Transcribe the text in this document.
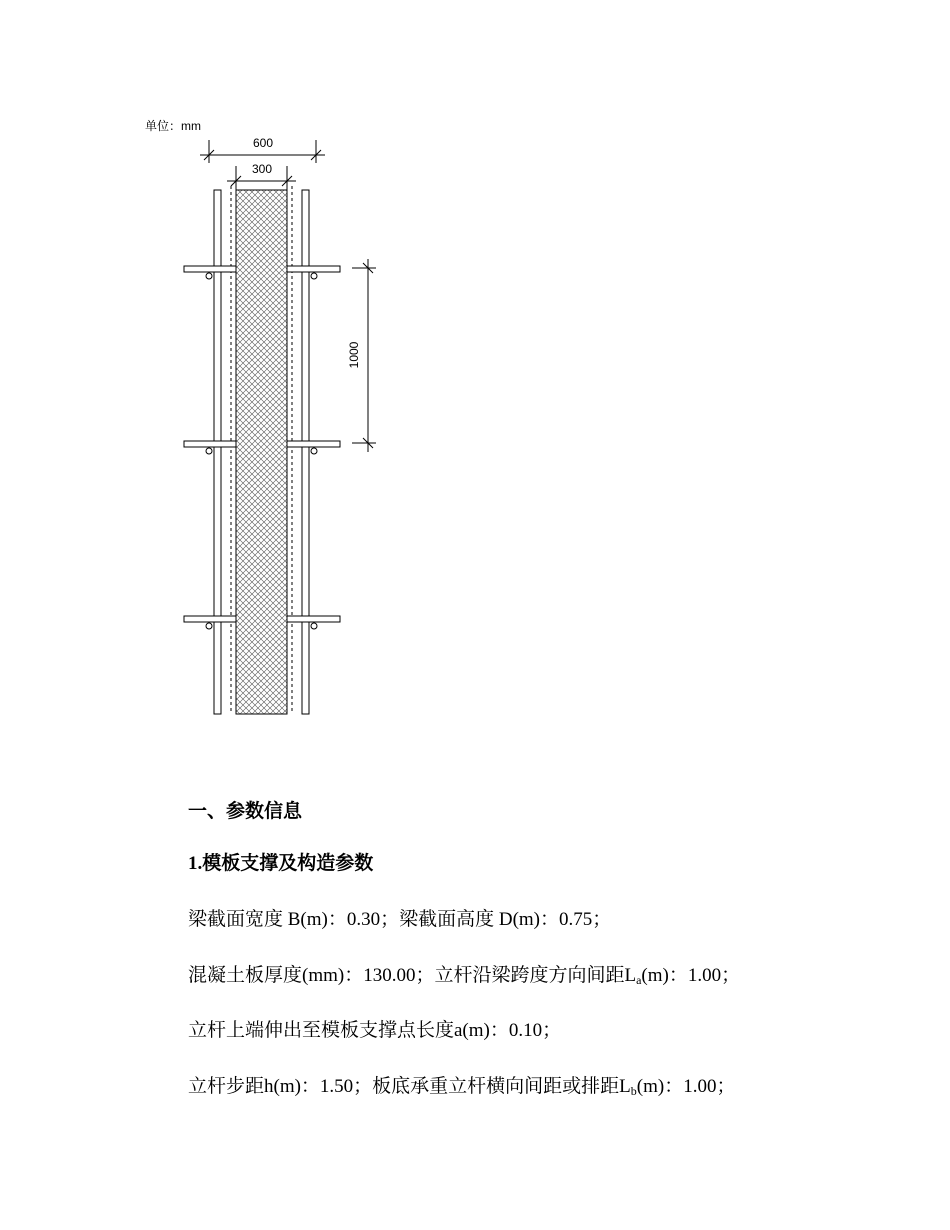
单位：mm
600
300
1000
一、参数信息
1.模板支撑及构造参数
梁截面宽度 B(m)：0.30；梁截面高度 D(m)：0.75；
混凝土板厚度(mm)：130.00；立杆沿梁跨度方向间距$L_a(m)$：1.00；
立杆上端伸出至模板支撑点长度a(m)：0.10；
立杆步距h(m)：1.50；板底承重立杆横向间距或排距$L_b(m)$：1.00；
